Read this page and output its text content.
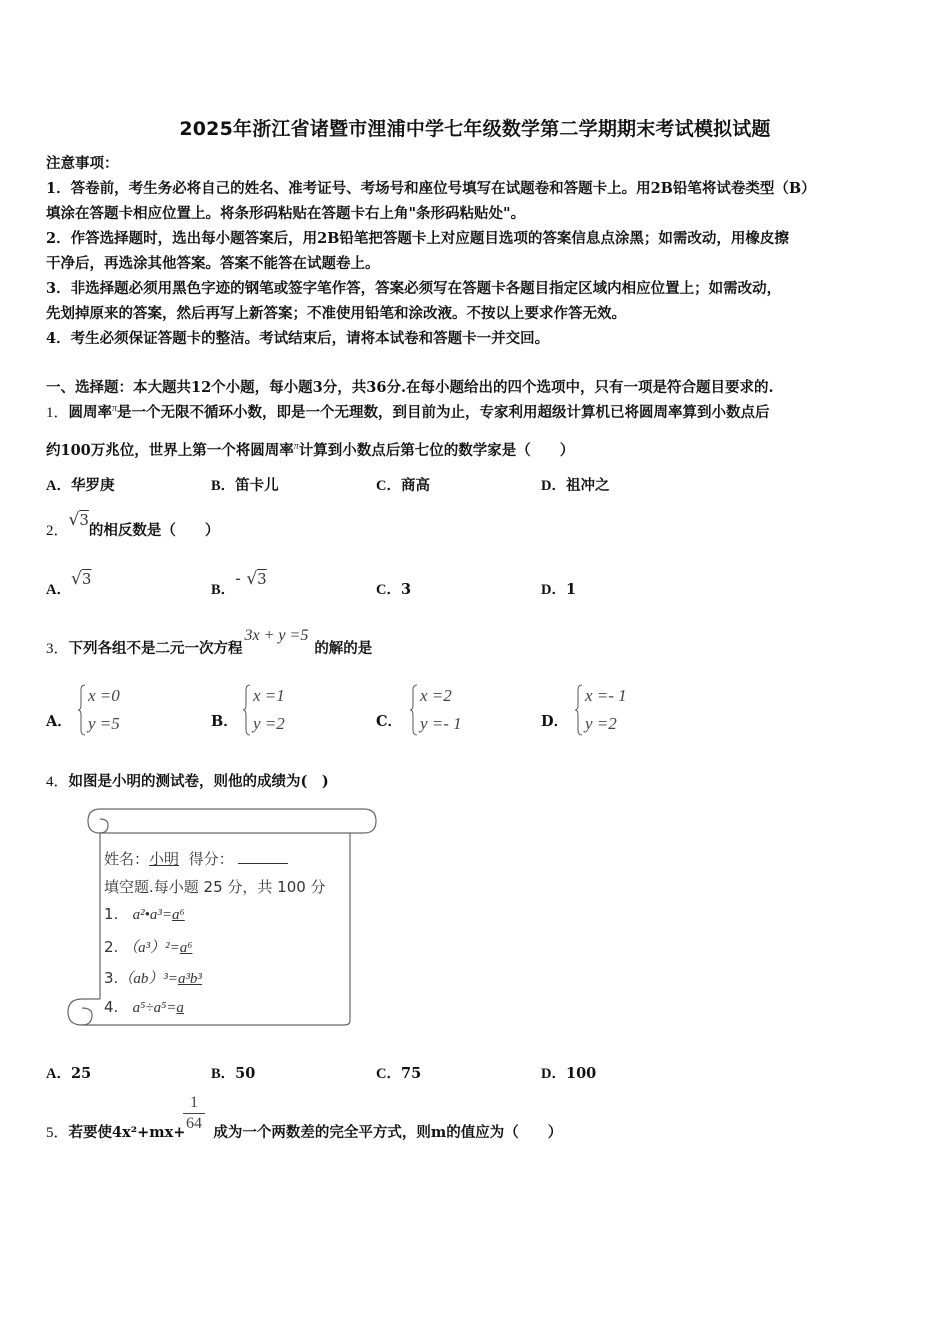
2025年浙江省诸暨市浬浦中学七年级数学第二学期期末考试模拟试题
注意事项：
1．答卷前，考生务必将自己的姓名、准考证号、考场号和座位号填写在试题卷和答题卡上。用2B铅笔将试卷类型（B）
填涂在答题卡相应位置上。将条形码粘贴在答题卡右上角"条形码粘贴处"。
2．作答选择题时，选出每小题答案后，用2B铅笔把答题卡上对应题目选项的答案信息点涂黑；如需改动，用橡皮擦
干净后，再选涂其他答案。答案不能答在试题卷上。
3．非选择题必须用黑色字迹的钢笔或签字笔作答，答案必须写在答题卡各题目指定区域内相应位置上；如需改动，
先划掉原来的答案，然后再写上新答案；不准使用铅笔和涂改液。不按以上要求作答无效。
4．考生必须保证答题卡的整洁。考试结束后，请将本试卷和答题卡一并交回。
一、选择题：本大题共12个小题，每小题3分，共36分.在每小题给出的四个选项中，只有一项是符合题目要求的.
1．圆周率$^\pi$是一个无限不循环小数，即是一个无理数，到目前为止，专家利用超级计算机已将圆周率算到小数点后
约100万兆位，世界上第一个将圆周率$^\pi$计算到小数点后第七位的数学家是（　　）
A．华罗庚	B．笛卡儿	C．商高	D．祖冲之
2．√3的相反数是（　　）
A．√3
B．- √3
C．3	D．1
3．下列各组不是二元一次方程3x + y =5的解的是
A．
x =0
y =5	B．
x =1
y =2	C．
x =2
y =- 1	D．
x =- 1
y =2
4．如图是小明的测试卷，则他的成绩为(　)
姓名：小明 得分：
填空题.每小题 25 分，共 100 分
1. a²•a³=a⁶
2. （a³）²=a⁶
3.（ab）³=a³b³
4. a⁵÷a⁵=a
A．25	B．50	C．75	D．100
5．若要使4x²+mx+ 成为一个两数差的完全平方式，则m的值应为（　　）
1
64
